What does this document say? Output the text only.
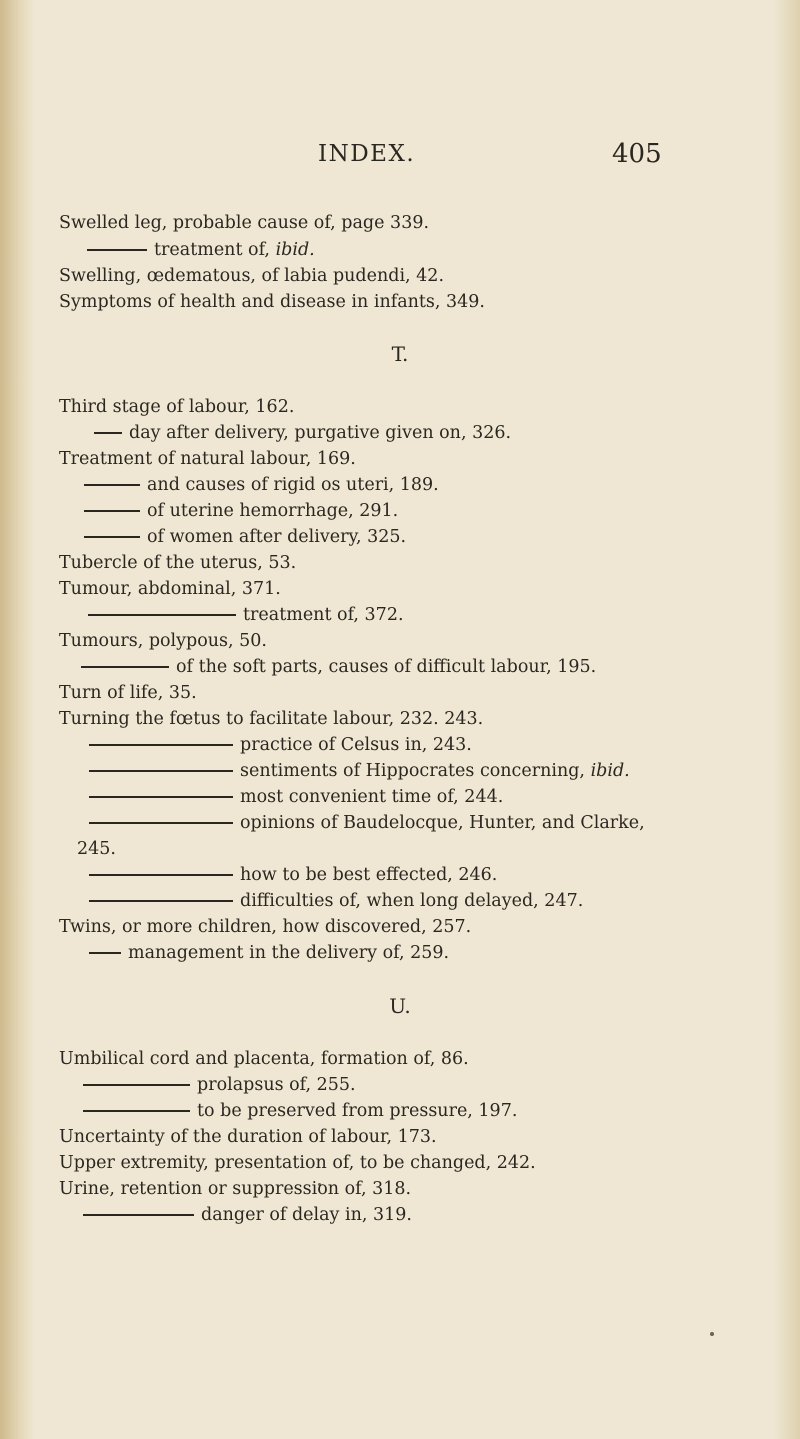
INDEX.	405
Swelled leg, probable cause of, page 339.
treatment of, ibid.
Swelling, œdematous, of labia pudendi, 42.
Symptoms of health and disease in infants, 349.
T.
Third stage of labour, 162.
day after delivery, purgative given on, 326.
Treatment of natural labour, 169.
and causes of rigid os uteri, 189.
of uterine hemorrhage, 291.
of women after delivery, 325.
Tubercle of the uterus, 53.
Tumour, abdominal, 371.
treatment of, 372.
Tumours, polypous, 50.
of the soft parts, causes of difficult labour, 195.
Turn of life, 35.
Turning the fœtus to facilitate labour, 232. 243.
practice of Celsus in, 243.
sentiments of Hippocrates concerning, ibid.
most convenient time of, 244.
opinions of Baudelocque, Hunter, and Clarke,
245.
how to be best effected, 246.
difficulties of, when long delayed, 247.
Twins, or more children, how discovered, 257.
management in the delivery of, 259.
U.
Umbilical cord and placenta, formation of, 86.
prolapsus of, 255.
to be preserved from pressure, 197.
Uncertainty of the duration of labour, 173.
Upper extremity, presentation of, to be changed, 242.
Urine, retention or suppression of, 318.
danger of delay in, 319.
